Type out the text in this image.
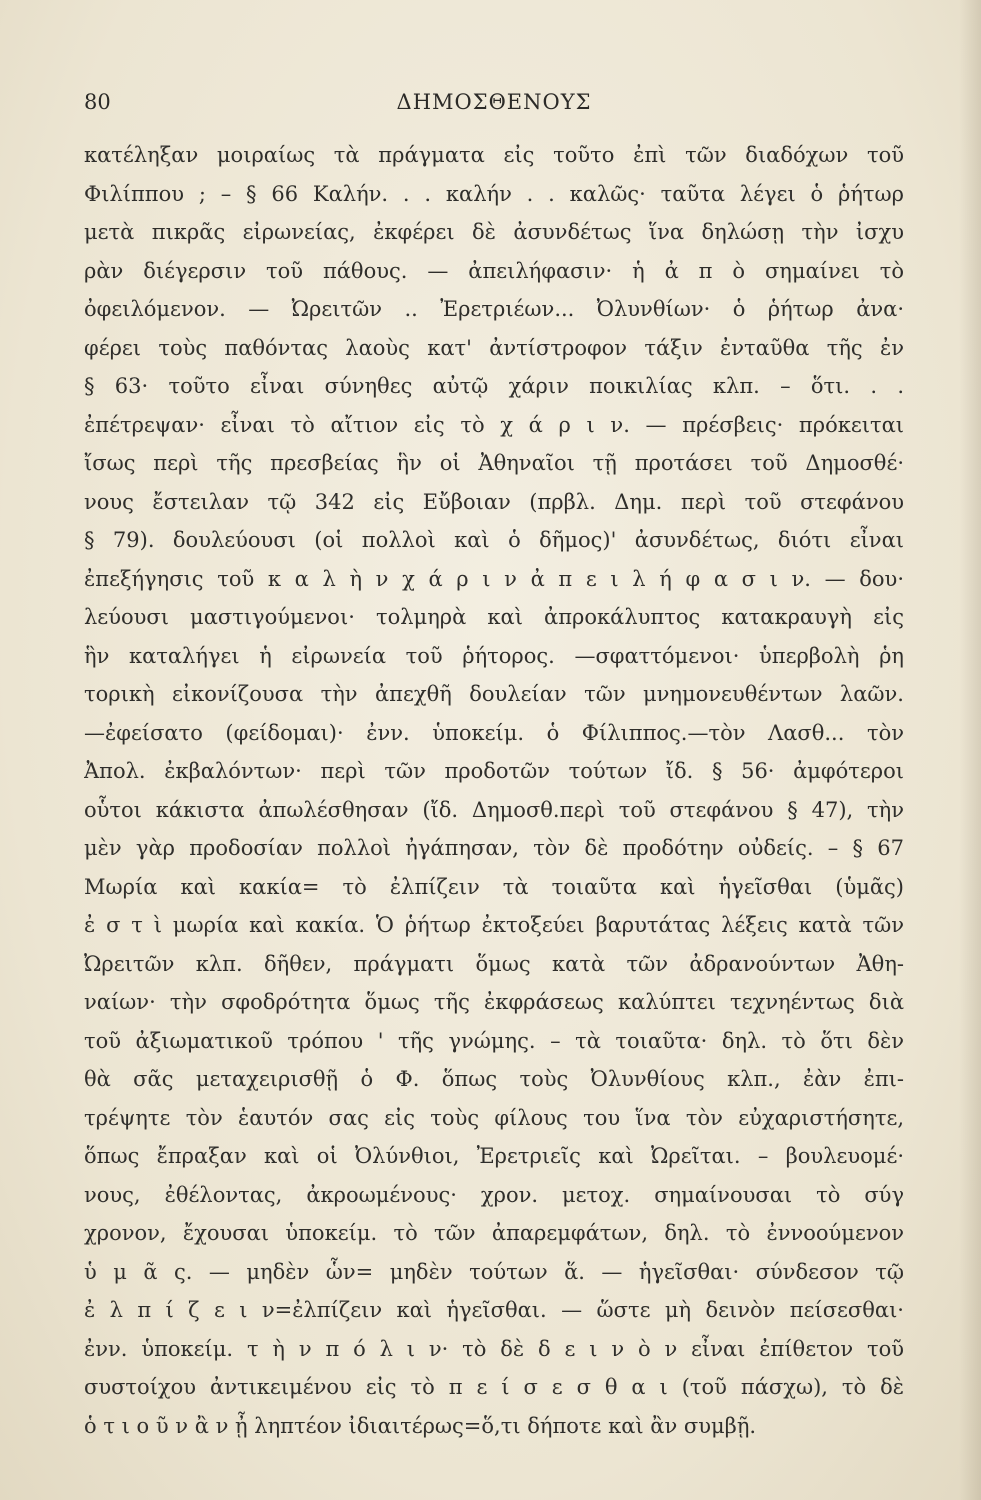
80	ΔΗΜΟΣΘΕΝΟΥΣ
κατέληξαν μοιραίως τὰ πράγματα εἰς τοῦτο ἐπὶ τῶν διαδόχων τοῦ
Φιλίππου ; – § 66 Καλήν. . . καλήν . . καλῶς· ταῦτα λέγει ὁ ῥήτωρ
μετὰ πικρᾶς εἰρωνείας, ἐκφέρει δὲ ἀσυνδέτως ἵνα δηλώσῃ τὴν ἰσχυ
ρὰν διέγερσιν τοῦ πάθους. — ἀπειλήφασιν· ἡ ἀ π ὸ σημαίνει τὸ
ὀφειλόμενον. — Ὠρειτῶν .. Ἐρετριέων... Ὀλυνθίων· ὁ ῥήτωρ ἀνα·
φέρει τοὺς παθόντας λαοὺς κατ' ἀντίστροφον τάξιν ἐνταῦθα τῆς ἐν
§ 63· τοῦτο εἶναι σύνηθες αὐτῷ χάριν ποικιλίας κλπ. – ὅτι. . .
ἐπέτρεψαν· εἶναι τὸ αἴτιον εἰς τὸ χ ά ρ ι ν. — πρέσβεις· πρόκειται
ἴσως περὶ τῆς πρεσβείας ἣν οἱ Ἀθηναῖοι τῇ προτάσει τοῦ Δημοσθέ·
νους ἔστειλαν τῷ 342 εἰς Εὔβοιαν (πρβλ. Δημ. περὶ τοῦ στεφάνου
§ 79). δουλεύουσι (οἱ πολλοὶ καὶ ὁ δῆμος)' ἀσυνδέτως, διότι εἶναι
ἐπεξήγησις τοῦ κ α λ ὴ ν χ ά ρ ι ν ἀ π ε ι λ ή φ α σ ι ν. — δου·
λεύουσι μαστιγούμενοι· τολμηρὰ καὶ ἀπροκάλυπτος κατακραυγὴ εἰς
ἣν καταλήγει ἡ εἰρωνεία τοῦ ῥήτορος. —σφαττόμενοι· ὑπερβολὴ ῥη
τορικὴ εἰκονίζουσα τὴν ἀπεχθῆ δουλείαν τῶν μνημονευθέντων λαῶν.
—ἐφείσατο (φείδομαι)· ἐνν. ὑποκείμ. ὁ Φίλιππος.—τὸν Λασθ... τὸν
Ἀπολ. ἐκβαλόντων· περὶ τῶν προδοτῶν τούτων ἴδ. § 56· ἀμφότεροι
οὗτοι κάκιστα ἀπωλέσθησαν (ἴδ. Δημοσθ.περὶ τοῦ στεφάνου § 47), τὴν
μὲν γὰρ προδοσίαν πολλοὶ ἠγάπησαν, τὸν δὲ προδότην οὐδείς. – § 67
Μωρία καὶ κακία= τὸ ἐλπίζειν τὰ τοιαῦτα καὶ ἡγεῖσθαι (ὑμᾶς)
ἐ σ τ ὶ μωρία καὶ κακία. Ὁ ῥήτωρ ἐκτοξεύει βαρυτάτας λέξεις κατὰ τῶν
Ὠρειτῶν κλπ. δῆθεν, πράγματι ὅμως κατὰ τῶν ἀδρανούντων Ἀθη-
ναίων· τὴν σφοδρότητα ὅμως τῆς ἐκφράσεως καλύπτει τεχνηέντως διὰ
τοῦ ἀξιωματικοῦ τρόπου ' τῆς γνώμης. – τὰ τοιαῦτα· δηλ. τὸ ὅτι δὲν
θὰ σᾶς μεταχειρισθῇ ὁ Φ. ὅπως τοὺς Ὀλυνθίους κλπ., ἐὰν ἐπι-
τρέψητε τὸν ἑαυτόν σας εἰς τοὺς φίλους του ἵνα τὸν εὐχαριστήσητε,
ὅπως ἔπραξαν καὶ οἱ Ὀλύνθιοι, Ἐρετριεῖς καὶ Ὠρεῖται. – βουλευομέ·
νους, ἐθέλοντας, ἀκροωμένους· χρον. μετοχ. σημαίνουσαι τὸ σύγ
χρονον, ἔχουσαι ὑποκείμ. τὸ τῶν ἀπαρεμφάτων, δηλ. τὸ ἐννοούμενον
ὑ μ ᾶ ς. — μηδὲν ὧν= μηδὲν τούτων ἅ. — ἡγεῖσθαι· σύνδεσον τῷ
ἐ λ π ί ζ ε ι ν=ἐλπίζειν καὶ ἡγεῖσθαι. — ὥστε μὴ δεινὸν πείσεσθαι·
ἐνν. ὑποκείμ. τ ὴ ν π ό λ ι ν· τὸ δὲ δ ε ι ν ὸ ν εἶναι ἐπίθετον τοῦ
συστοίχου ἀντικειμένου εἰς τὸ π ε ί σ ε σ θ α ι (τοῦ πάσχω), τὸ δὲ
ὁ τ ι ο ῦ ν ἂ ν ᾖ ληπτέον ἰδιαιτέρως=ὅ,τι δήποτε καὶ ἂν συμβῇ.
